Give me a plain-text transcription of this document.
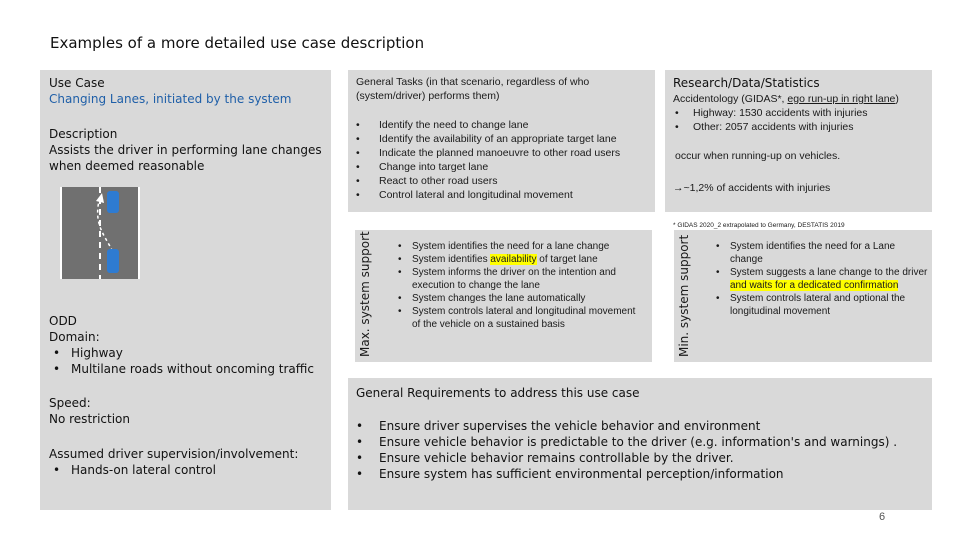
Examples of a more detailed use case description
Use Case
Changing Lanes, initiated by the system
Description
Assists the driver in performing lane changes when deemed reasonable
ODD
Domain:
• Highway
• Multilane roads without oncoming traffic
Speed:
No restriction
Assumed driver supervision/involvement:
• Hands-on lateral control
General Tasks (in that scenario, regardless of who (system/driver) performs them)
• Identify the need to change lane
• Identify the availability of an appropriate target lane
• Indicate the planned manoeuvre to other road users
• Change into target lane
• React to other road users
• Control lateral and longitudinal movement
Research/Data/Statistics
Accidentology (GIDAS*, ego run-up in right lane)
• Highway: 1530 accidents with injuries
• Other: 2057 accidents with injuries
occur when running-up on vehicles.
→~1,2% of accidents with injuries
* GIDAS 2020_2 extrapolated to Germany, DESTATIS 2019
Max. system support	• System identifies the need for a lane change
• System identifies availability of target lane
• System informs the driver on the intention and execution to change the lane
• System changes the lane automatically
• System controls lateral and longitudinal movement of the vehicle on a sustained basis	Min. system support	• System identifies the need for a Lane change
• System suggests a lane change to the driver and waits for a dedicated confirmation
• System controls lateral and optional the longitudinal movement
General Requirements to address this use case
• Ensure driver supervises the vehicle behavior and environment
• Ensure vehicle behavior is predictable to the driver (e.g. information's and warnings) .
• Ensure vehicle behavior remains controllable by the driver.
• Ensure system has sufficient environmental perception/information
6
